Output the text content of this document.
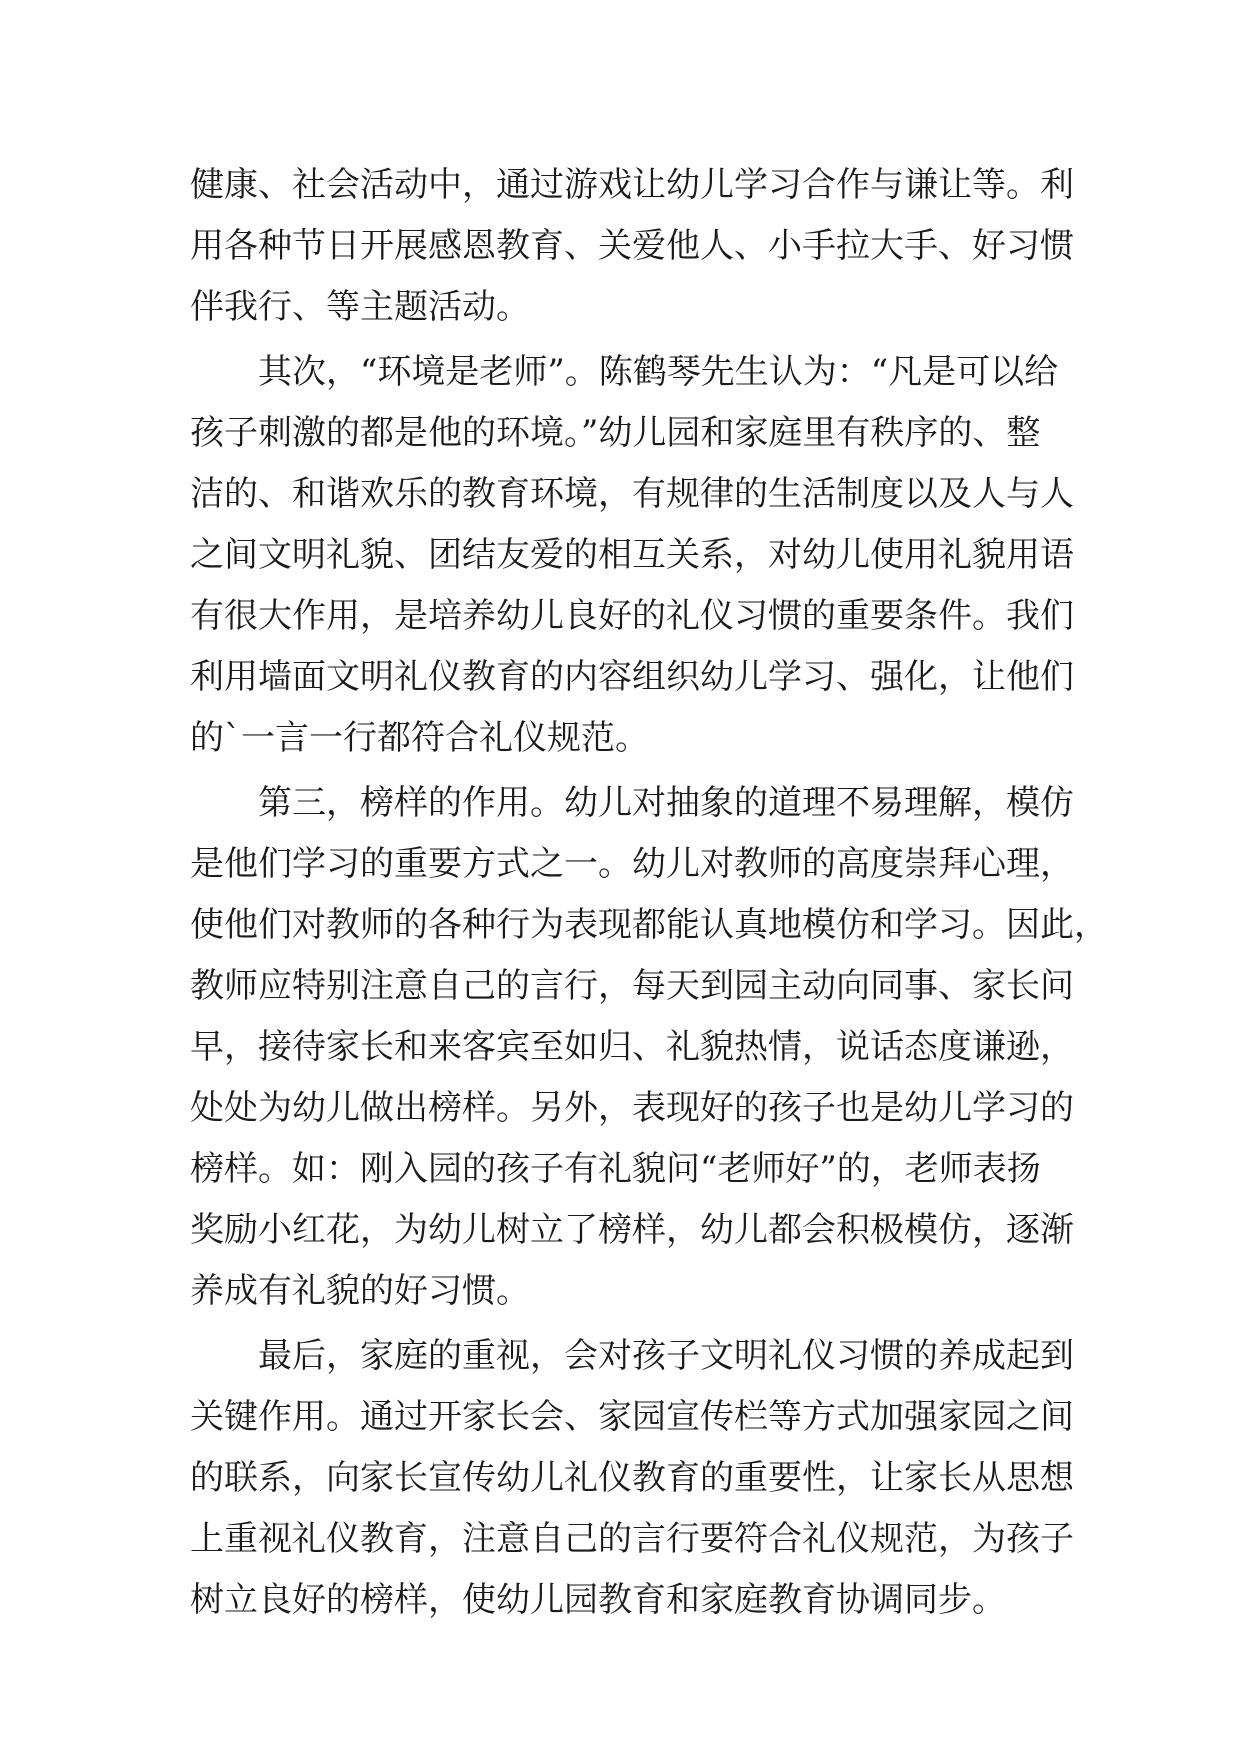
健康、社会活动中，通过游戏让幼儿学习合作与谦让等。利
用各种节日开展感恩教育、关爱他人、小手拉大手、好习惯
伴我行、等主题活动。
　　其次，“环境是老师”。陈鹤琴先生认为：“凡是可以给
孩子刺激的都是他的环境。”幼儿园和家庭里有秩序的、整
洁的、和谐欢乐的教育环境，有规律的生活制度以及人与人
之间文明礼貌、团结友爱的相互关系，对幼儿使用礼貌用语
有很大作用，是培养幼儿良好的礼仪习惯的重要条件。我们
利用墙面文明礼仪教育的内容组织幼儿学习、强化，让他们
的`一言一行都符合礼仪规范。
　　第三，榜样的作用。幼儿对抽象的道理不易理解，模仿
是他们学习的重要方式之一。幼儿对教师的高度崇拜心理，
使他们对教师的各种行为表现都能认真地模仿和学习。因此，
教师应特别注意自己的言行，每天到园主动向同事、家长问
早，接待家长和来客宾至如归、礼貌热情，说话态度谦逊，
处处为幼儿做出榜样。另外，表现好的孩子也是幼儿学习的
榜样。如：刚入园的孩子有礼貌问“老师好”的，老师表扬
奖励小红花，为幼儿树立了榜样，幼儿都会积极模仿，逐渐
养成有礼貌的好习惯。
　　最后，家庭的重视，会对孩子文明礼仪习惯的养成起到
关键作用。通过开家长会、家园宣传栏等方式加强家园之间
的联系，向家长宣传幼儿礼仪教育的重要性，让家长从思想
上重视礼仪教育，注意自己的言行要符合礼仪规范，为孩子
树立良好的榜样，使幼儿园教育和家庭教育协调同步。
